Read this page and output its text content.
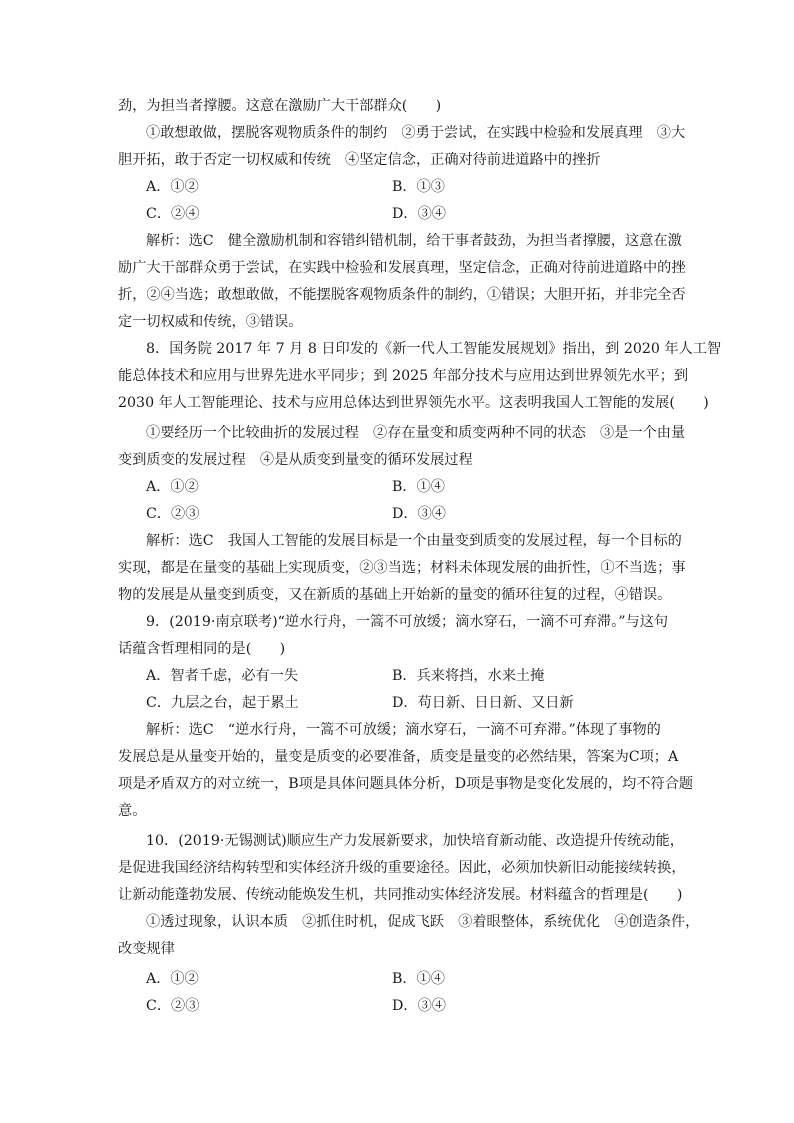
劲，为担当者撑腰。这意在激励广大干部群众(　　)
①敢想敢做，摆脱客观物质条件的制约　②勇于尝试，在实践中检验和发展真理　③大
胆开拓，敢于否定一切权威和传统　④坚定信念，正确对待前进道路中的挫折
A．①②	B．①③
C．②④	D．③④
解析：选C　健全激励机制和容错纠错机制，给干事者鼓劲，为担当者撑腰，这意在激
励广大干部群众勇于尝试，在实践中检验和发展真理，坚定信念，正确对待前进道路中的挫
折，②④当选；敢想敢做，不能摆脱客观物质条件的制约，①错误；大胆开拓，并非完全否
定一切权威和传统，③错误。
8．国务院 2017 年 7 月 8 日印发的《新一代人工智能发展规划》指出，到 2020 年人工智
能总体技术和应用与世界先进水平同步；到 2025 年部分技术与应用达到世界领先水平；到
2030 年人工智能理论、技术与应用总体达到世界领先水平。这表明我国人工智能的发展(　　)
①要经历一个比较曲折的发展过程　②存在量变和质变两种不同的状态　③是一个由量
变到质变的发展过程　④是从质变到量变的循环发展过程
A．①②	B．①④
C．②③	D．③④
解析：选C　我国人工智能的发展目标是一个由量变到质变的发展过程，每一个目标的
实现，都是在量变的基础上实现质变，②③当选；材料未体现发展的曲折性，①不当选；事
物的发展是从量变到质变，又在新质的基础上开始新的量变的循环往复的过程，④错误。
9．(2019·南京联考)“逆水行舟，一篙不可放缓；滴水穿石，一滴不可弃滞。”与这句
话蕴含哲理相同的是(　　)
A．智者千虑，必有一失	B．兵来将挡，水来土掩
C．九层之台，起于累土	D．苟日新、日日新、又日新
解析：选C　“逆水行舟，一篙不可放缓；滴水穿石，一滴不可弃滞。”体现了事物的
发展总是从量变开始的，量变是质变的必要准备，质变是量变的必然结果，答案为C项；A
项是矛盾双方的对立统一，B项是具体问题具体分析，D项是事物是变化发展的，均不符合题
意。
10．(2019·无锡测试)顺应生产力发展新要求，加快培育新动能、改造提升传统动能，
是促进我国经济结构转型和实体经济升级的重要途径。因此，必须加快新旧动能接续转换，
让新动能蓬勃发展、传统动能焕发生机，共同推动实体经济发展。材料蕴含的哲理是(　　)
①透过现象，认识本质　②抓住时机，促成飞跃　③着眼整体，系统优化　④创造条件，
改变规律
A．①②	B．①④
C．②③	D．③④
